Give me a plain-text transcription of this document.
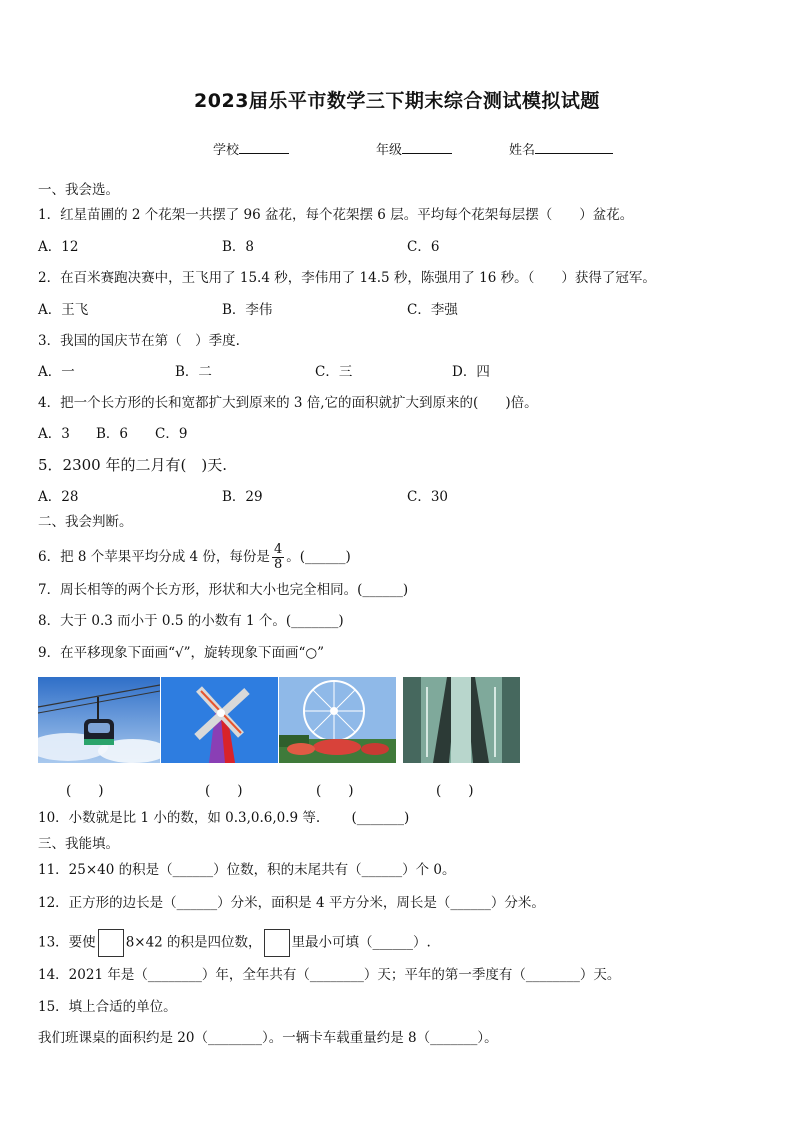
2023届乐平市数学三下期末综合测试模拟试题
学校	年级	姓名
一、我会选。
1．红星苗圃的 2 个花架一共摆了 96 盆花，每个花架摆 6 层。平均每个花架每层摆（　　）盆花。
A．12	B．8	C．6
2．在百米赛跑决赛中，王飞用了 15.4 秒，李伟用了 14.5 秒，陈强用了 16 秒。（　　）获得了冠军。
A．王飞	B．李伟	C．李强
3．我国的国庆节在第（　）季度.
A．一	B．二	C．三	D．四
4．把一个长方形的长和宽都扩大到原来的 3 倍,它的面积就扩大到原来的(　　)倍。
A．3 B．6 C．9
5．2300 年的二月有(　)天.
A．28	B．29	C．30
二、我会判断。
6．把 8 个苹果平均分成 4 份，每份是 $\frac{4}{8}$ 。(______)
7．周长相等的两个长方形，形状和大小也完全相同。(______)
8．大于 0.3 而小于 0.5 的小数有 1 个。(_______)
9．在平移现象下面画“√”，旋转现象下面画“○”
(　　)	(　　)	(　　)	(　　)
10．小数就是比 1 小的数，如 0.3,0.6,0.9 等.　　 (_______)
三、我能填。
11．25×40 的积是（______）位数，积的末尾共有（______）个 0。
12．正方形的边长是（______）分米，面积是 4 平方分米，周长是（______）分米。
13．要使 8×42 的积是四位数， 里最小可填（______）.
14．2021 年是（________）年，全年共有（________）天；平年的第一季度有（________）天。
15．填上合适的单位。
我们班课桌的面积约是 20（________）。一辆卡车载重量约是 8（_______）。
